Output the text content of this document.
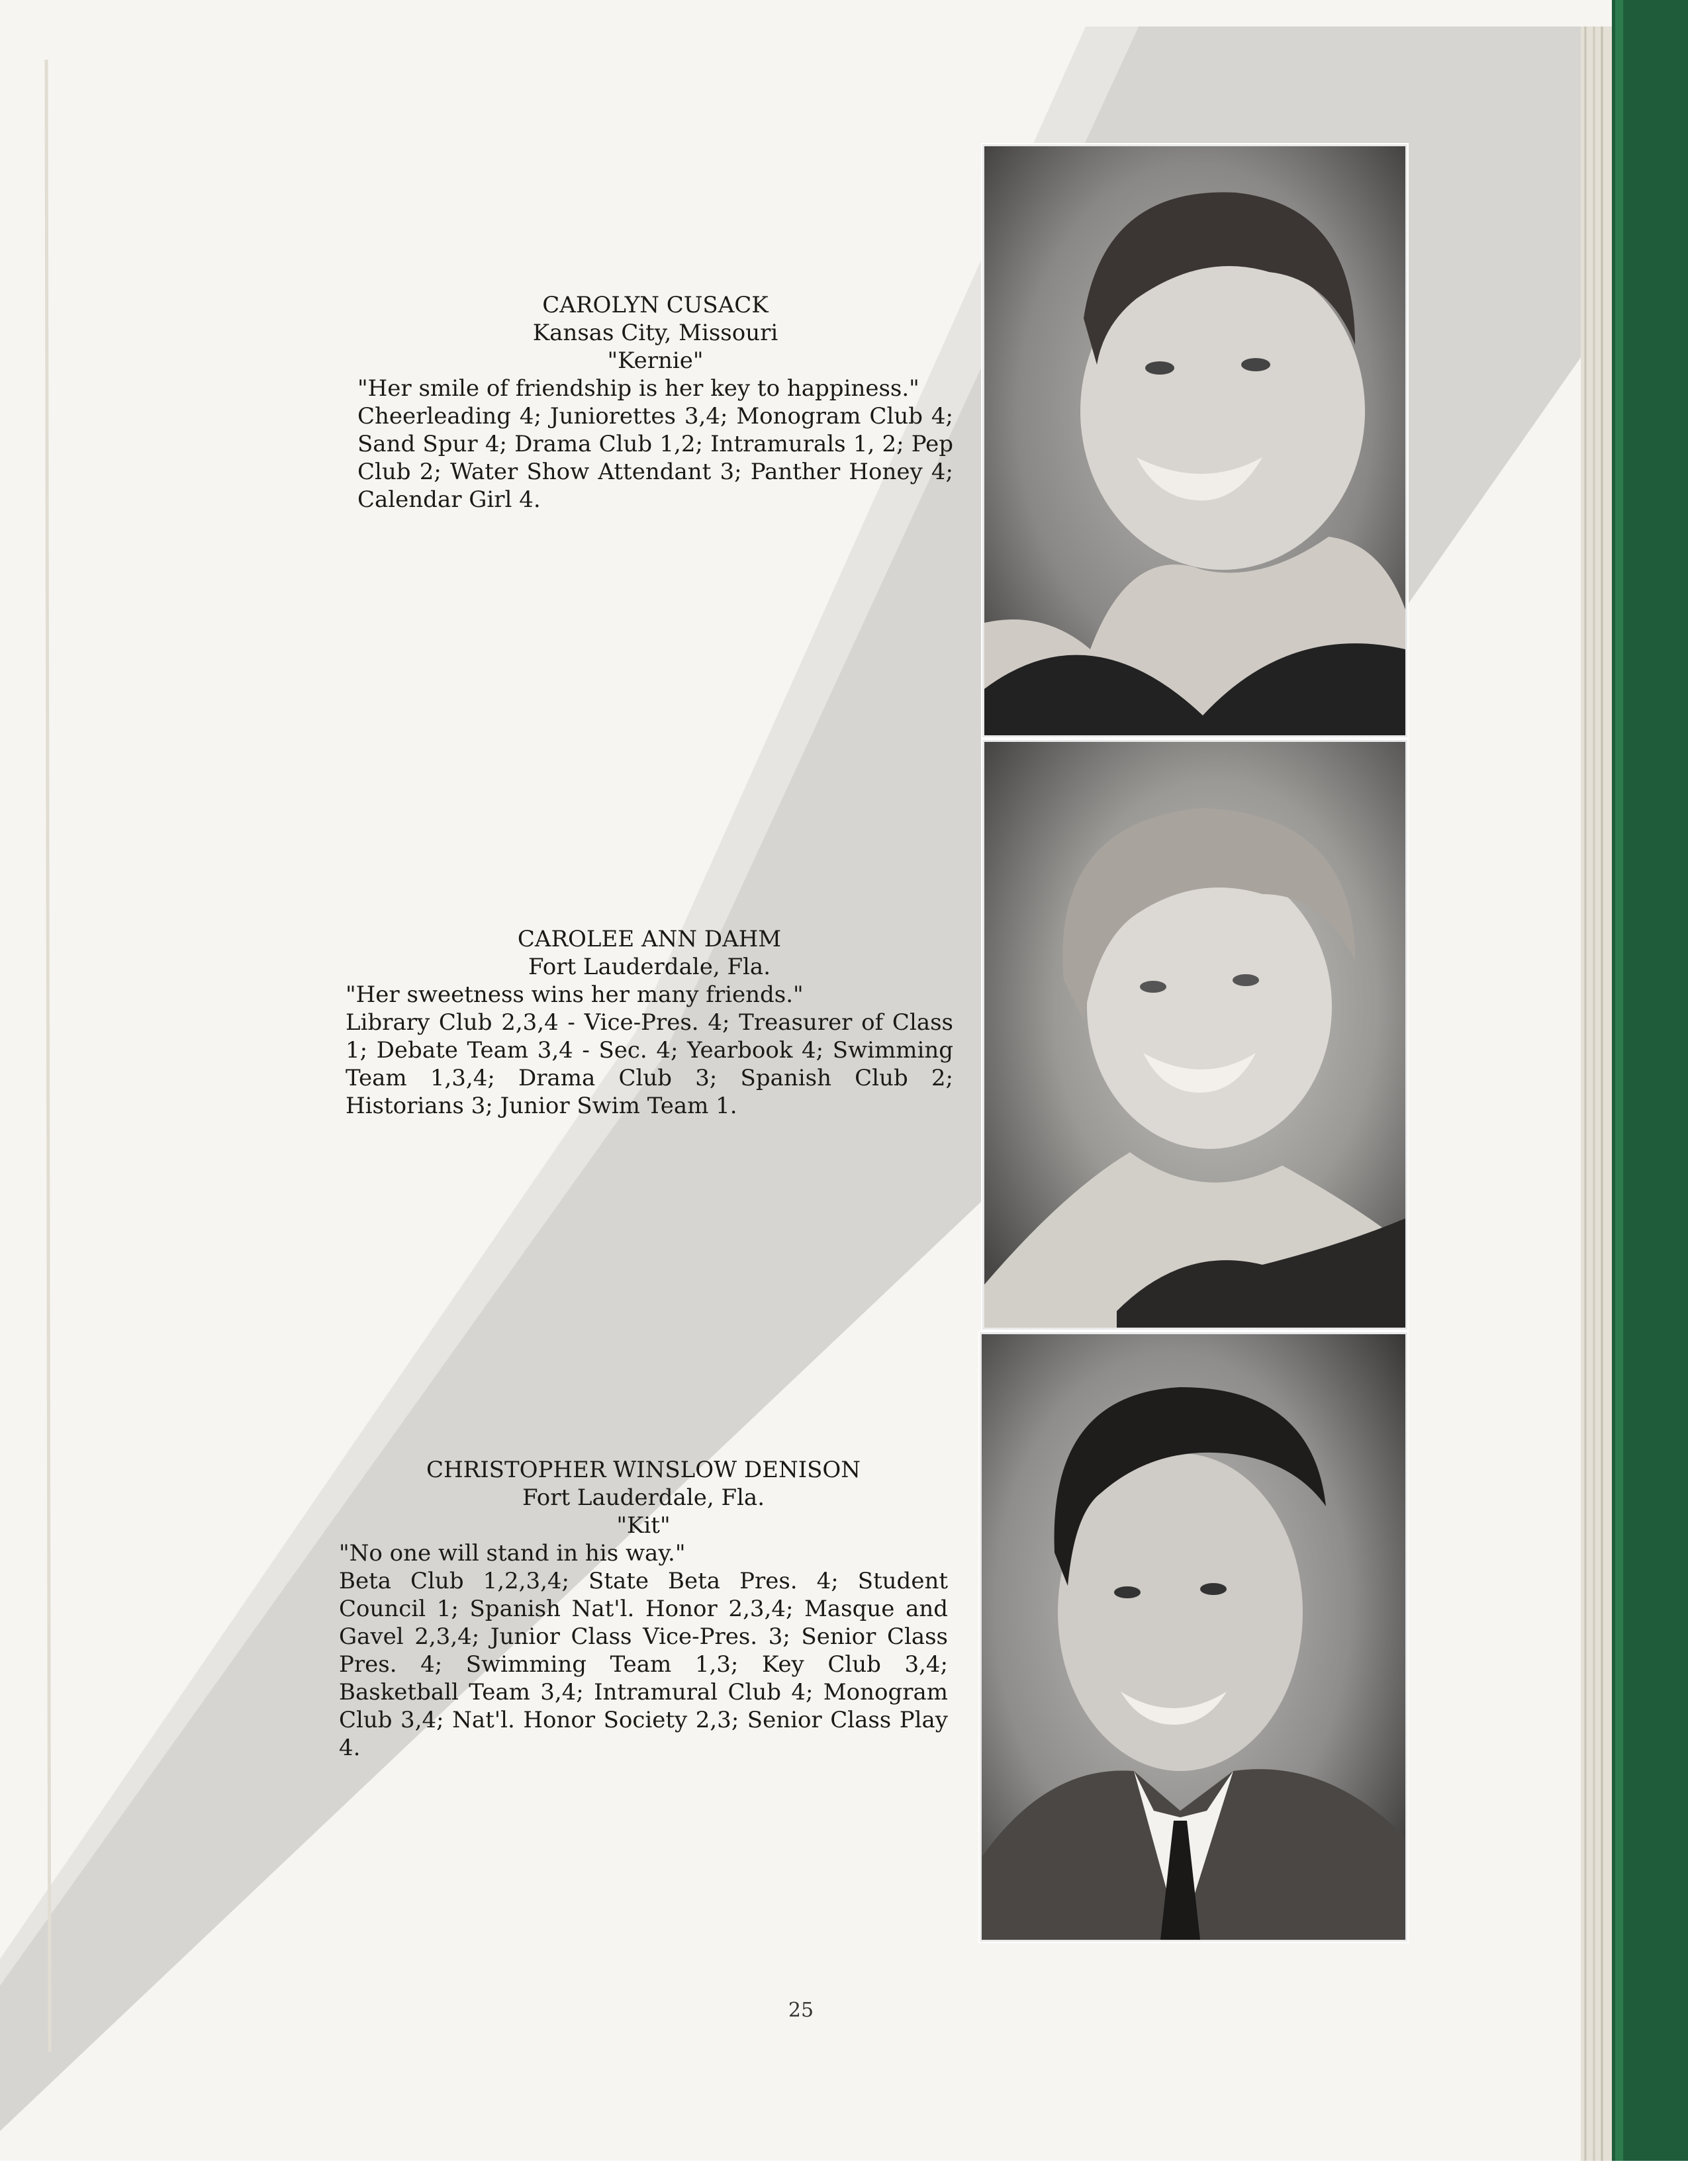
CAROLYN CUSACK
Kansas City, Missouri
"Kernie"
"Her smile of friendship is her key to happiness."
Cheerleading 4; Juniorettes 3,4; Monogram Club 4; Sand Spur 4; Drama Club 1,2; Intramurals 1, 2; Pep Club 2; Water Show Attendant 3; Panther Honey 4; Calendar Girl 4.
CAROLEE ANN DAHM
Fort Lauderdale, Fla.
"Her sweetness wins her many friends."
Library Club 2,3,4 - Vice-Pres. 4; Treasurer of Class 1; Debate Team 3,4 - Sec. 4; Yearbook 4; Swimming Team 1,3,4; Drama Club 3; Spanish Club 2; Historians 3; Junior Swim Team 1.
CHRISTOPHER WINSLOW DENISON
Fort Lauderdale, Fla.
"Kit"
"No one will stand in his way."
Beta Club 1,2,3,4; State Beta Pres. 4; Student Council 1; Spanish Nat'l. Honor 2,3,4; Masque and Gavel 2,3,4; Junior Class Vice-Pres. 3; Senior Class Pres. 4; Swimming Team 1,3; Key Club 3,4; Basketball Team 3,4; Intramural Club 4; Monogram Club 3,4; Nat'l. Honor Society 2,3; Senior Class Play 4.
25
